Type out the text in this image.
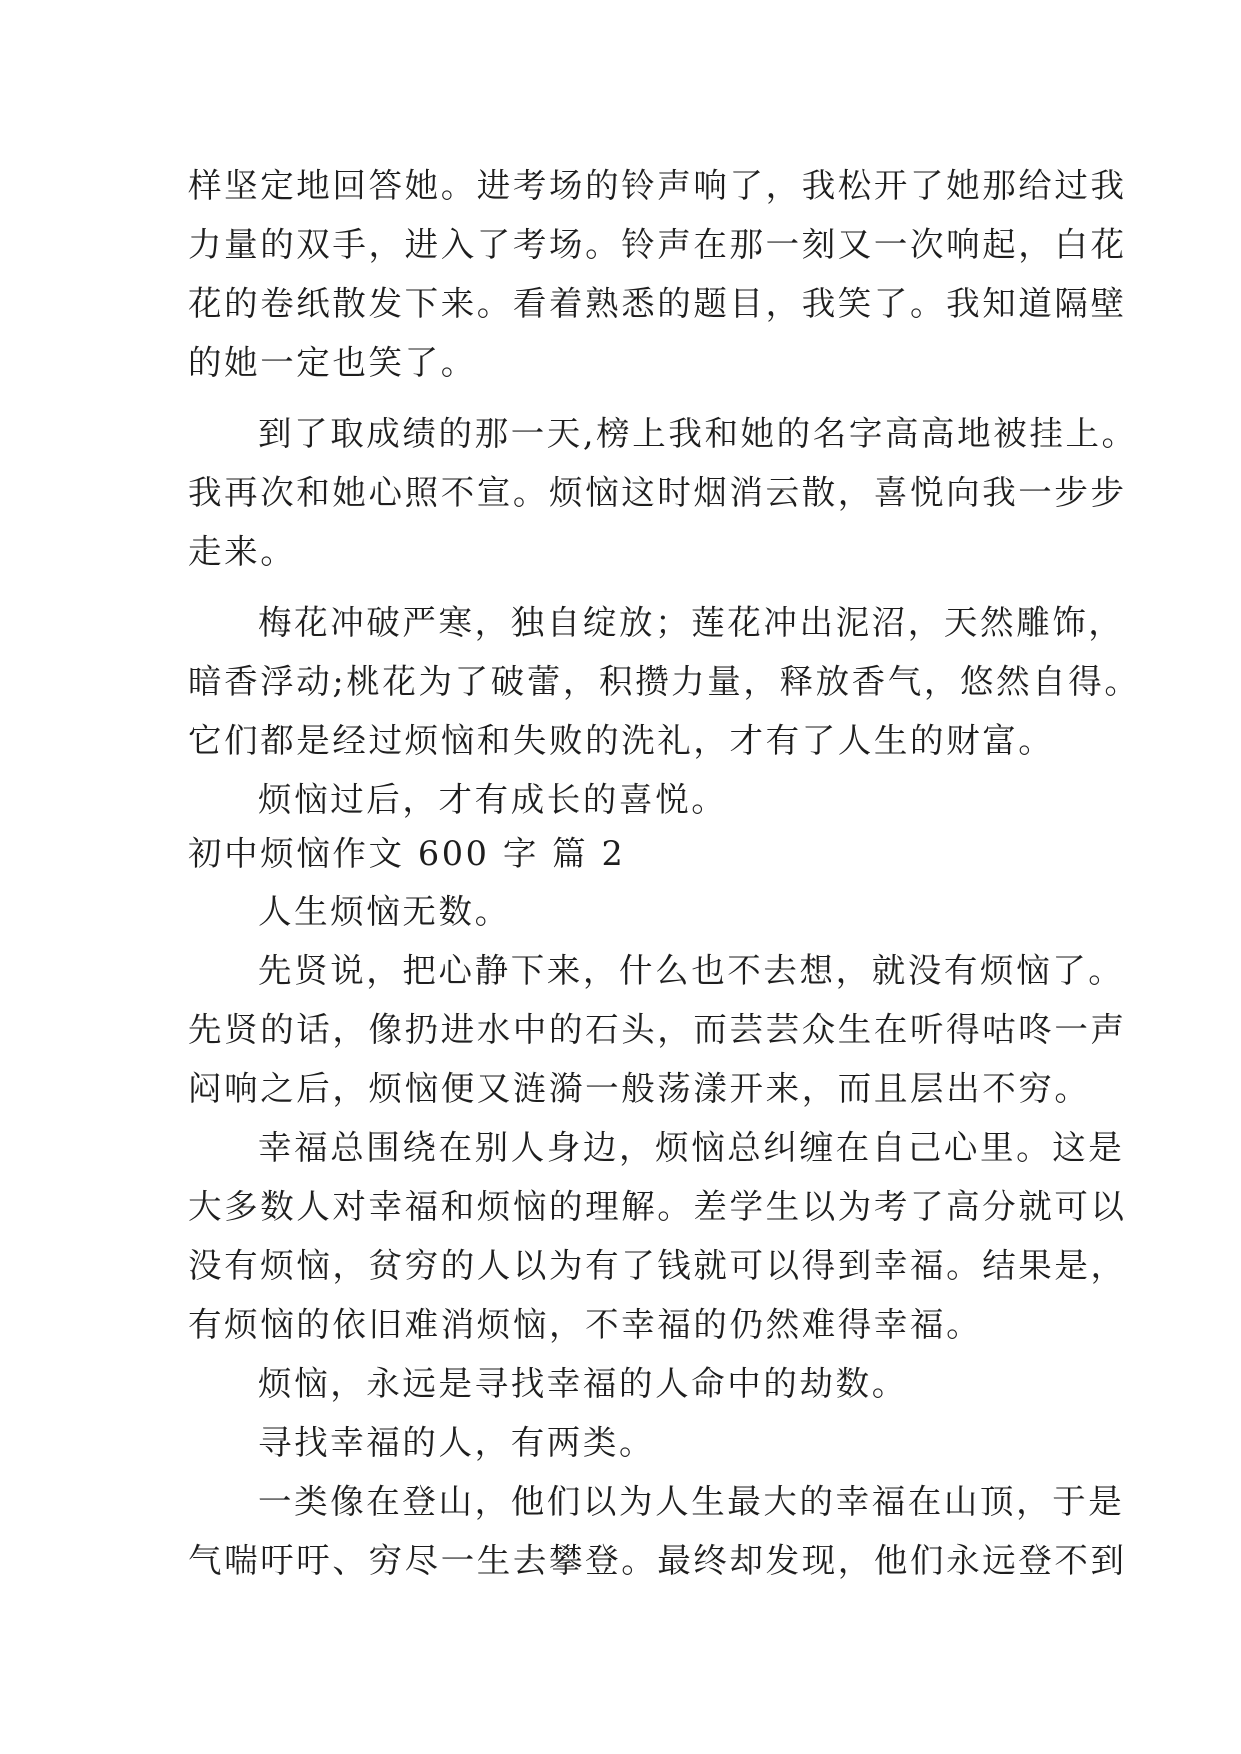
样坚定地回答她。进考场的铃声响了，我松开了她那给过我
力量的双手，进入了考场。铃声在那一刻又一次响起，白花
花的卷纸散发下来。看着熟悉的题目，我笑了。我知道隔壁
的她一定也笑了。
到了取成绩的那一天,榜上我和她的名字高高地被挂上。
我再次和她心照不宣。烦恼这时烟消云散，喜悦向我一步步
走来。
梅花冲破严寒，独自绽放；莲花冲出泥沼，天然雕饰，
暗香浮动;桃花为了破蕾，积攒力量，释放香气，悠然自得。
它们都是经过烦恼和失败的洗礼，才有了人生的财富。
烦恼过后，才有成长的喜悦。
初中烦恼作文 600 字 篇 2
人生烦恼无数。
先贤说，把心静下来，什么也不去想，就没有烦恼了。
先贤的话，像扔进水中的石头，而芸芸众生在听得咕咚一声
闷响之后，烦恼便又涟漪一般荡漾开来，而且层出不穷。
幸福总围绕在别人身边，烦恼总纠缠在自己心里。这是
大多数人对幸福和烦恼的理解。差学生以为考了高分就可以
没有烦恼，贫穷的人以为有了钱就可以得到幸福。结果是，
有烦恼的依旧难消烦恼，不幸福的仍然难得幸福。
烦恼，永远是寻找幸福的人命中的劫数。
寻找幸福的人，有两类。
一类像在登山，他们以为人生最大的幸福在山顶，于是
气喘吁吁、穷尽一生去攀登。最终却发现，他们永远登不到
